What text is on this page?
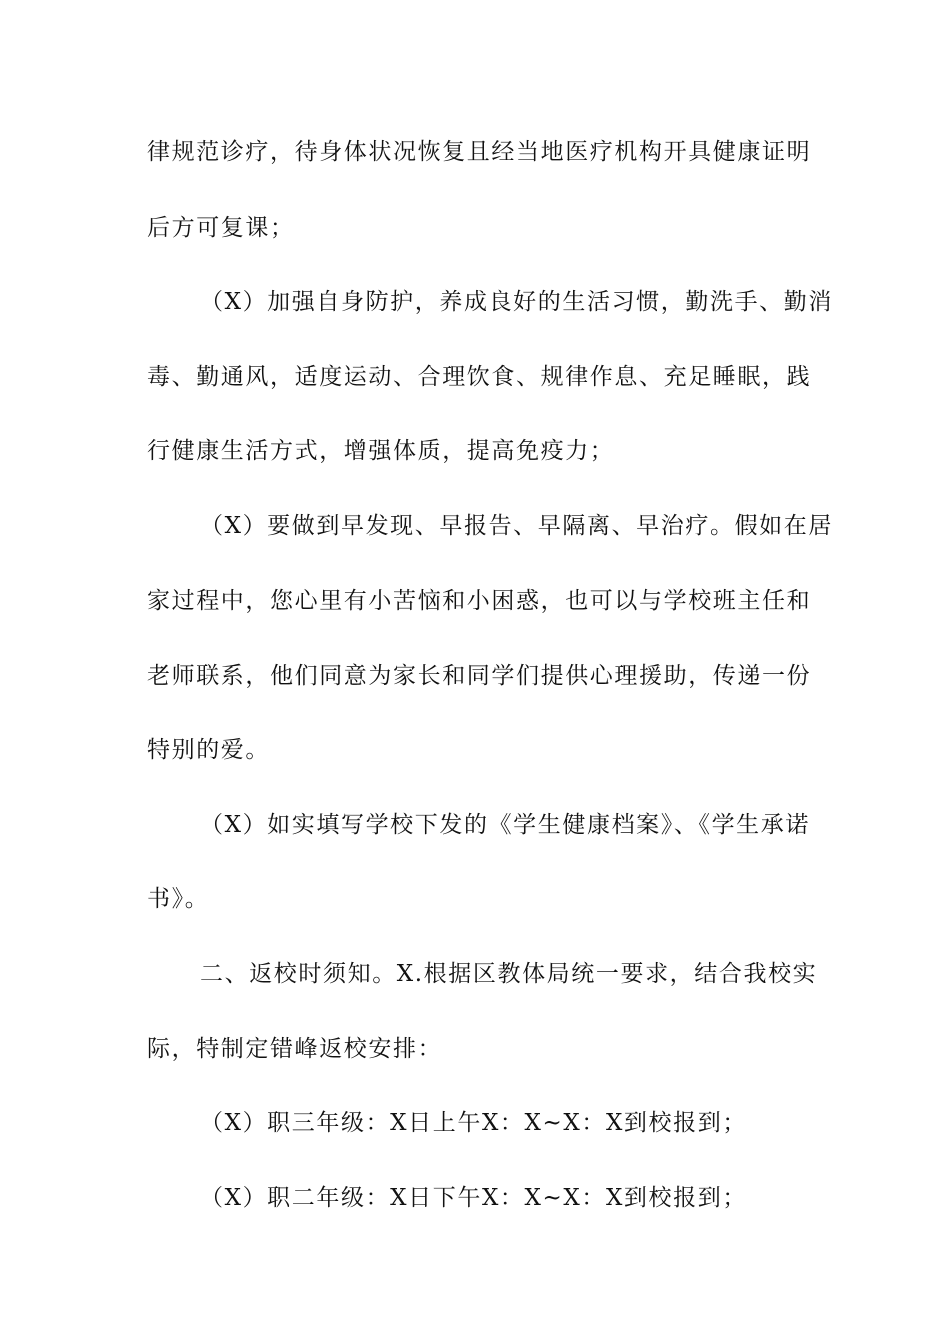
律规范诊疗，待身体状况恢复且经当地医疗机构开具健康证明
后方可复课；
（X）加强自身防护，养成良好的生活习惯，勤洗手、勤消
毒、勤通风，适度运动、合理饮食、规律作息、充足睡眠，践
行健康生活方式，增强体质，提高免疫力；
（X）要做到早发现、早报告、早隔离、早治疗。假如在居
家过程中，您心里有小苦恼和小困惑，也可以与学校班主任和
老师联系，他们同意为家长和同学们提供心理援助，传递一份
特别的爱。
（X）如实填写学校下发的《学生健康档案》、《学生承诺
书》。
二、返校时须知。X.根据区教体局统一要求，结合我校实
际，特制定错峰返校安排：
（X）职三年级：X日上午X：X~X：X到校报到；
（X）职二年级：X日下午X：X~X：X到校报到；
